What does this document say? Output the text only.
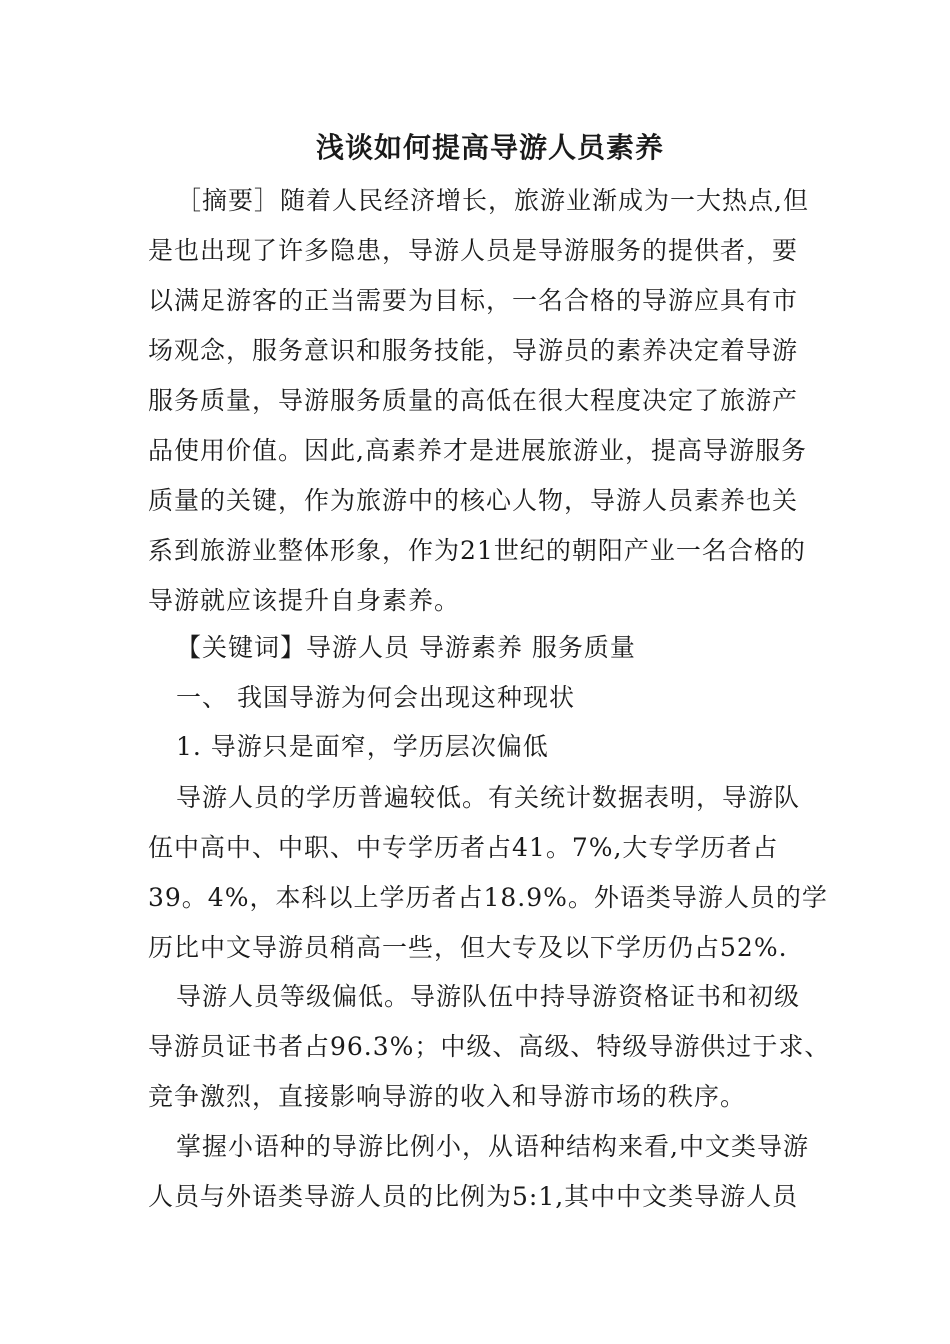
浅谈如何提高导游人员素养

［摘要］随着人民经济增长，旅游业渐成为一大热点,但

是也出现了许多隐患，导游人员是导游服务的提供者，要

以满足游客的正当需要为目标，一名合格的导游应具有市

场观念，服务意识和服务技能，导游员的素养决定着导游

服务质量，导游服务质量的高低在很大程度决定了旅游产

品使用价值。因此,高素养才是进展旅游业，提高导游服务

质量的关键，作为旅游中的核心人物，导游人员素养也关

系到旅游业整体形象，作为21世纪的朝阳产业一名合格的

导游就应该提升自身素养。

【关键词】导游人员 导游素养 服务质量

一、 我国导游为何会出现这种现状

1. 导游只是面窄，学历层次偏低

导游人员的学历普遍较低。有关统计数据表明，导游队

伍中高中、中职、中专学历者占41。7%,大专学历者占

39。4%，本科以上学历者占18.9%。外语类导游人员的学

历比中文导游员稍高一些，但大专及以下学历仍占52%.

导游人员等级偏低。导游队伍中持导游资格证书和初级

导游员证书者占96.3%；中级、高级、特级导游供过于求、

竞争激烈，直接影响导游的收入和导游市场的秩序。

掌握小语种的导游比例小，从语种结构来看,中文类导游

人员与外语类导游人员的比例为5:1,其中中文类导游人员
